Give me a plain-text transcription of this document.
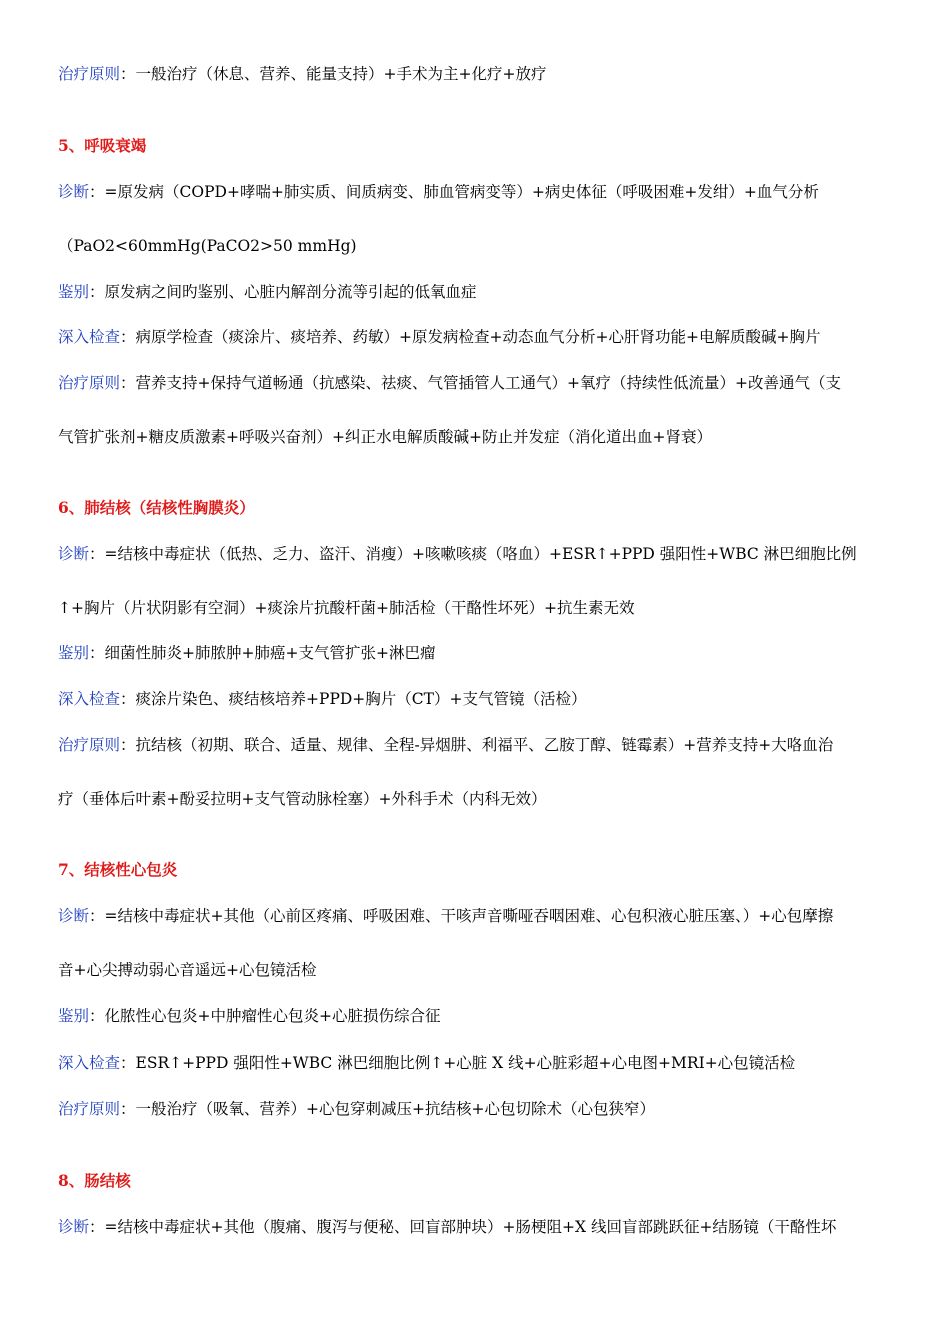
治疗原则：一般治疗（休息、营养、能量支持）+手术为主+化疗+放疗
5、呼吸衰竭
诊断：=原发病（COPD+哮喘+肺实质、间质病变、肺血管病变等）+病史体征（呼吸困难+发绀）+血气分析
（PaO2<60mmHg(PaCO2>50 mmHg)
鉴别：原发病之间旳鉴别、心脏内解剖分流等引起的低氧血症
深入检查：病原学检查（痰涂片、痰培养、药敏）+原发病检查+动态血气分析+心肝肾功能+电解质酸碱+胸片
治疗原则：营养支持+保持气道畅通（抗感染、祛痰、气管插管人工通气）+氧疗（持续性低流量）+改善通气（支
气管扩张剂+糖皮质激素+呼吸兴奋剂）+纠正水电解质酸碱+防止并发症（消化道出血+肾衰）
6、肺结核（结核性胸膜炎）
诊断：=结核中毒症状（低热、乏力、盗汗、消瘦）+咳嗽咳痰（咯血）+ESR↑+PPD 强阳性+WBC 淋巴细胞比例
↑+胸片（片状阴影有空洞）+痰涂片抗酸杆菌+肺活检（干酪性坏死）+抗生素无效
鉴别：细菌性肺炎+肺脓肿+肺癌+支气管扩张+淋巴瘤
深入检查：痰涂片染色、痰结核培养+PPD+胸片（CT）+支气管镜（活检）
治疗原则：抗结核（初期、联合、适量、规律、全程-异烟肼、利福平、乙胺丁醇、链霉素）+营养支持+大咯血治
疗（垂体后叶素+酚妥拉明+支气管动脉栓塞）+外科手术（内科无效）
7、结核性心包炎
诊断：=结核中毒症状+其他（心前区疼痛、呼吸困难、干咳声音嘶哑吞咽困难、心包积液心脏压塞、）+心包摩擦
音+心尖搏动弱心音遥远+心包镜活检
鉴别：化脓性心包炎+中肿瘤性心包炎+心脏损伤综合征
深入检查：ESR↑+PPD 强阳性+WBC 淋巴细胞比例↑+心脏 X 线+心脏彩超+心电图+MRI+心包镜活检
治疗原则：一般治疗（吸氧、营养）+心包穿刺减压+抗结核+心包切除术（心包狭窄）
8、肠结核
诊断：=结核中毒症状+其他（腹痛、腹泻与便秘、回盲部肿块）+肠梗阻+X 线回盲部跳跃征+结肠镜（干酪性坏
